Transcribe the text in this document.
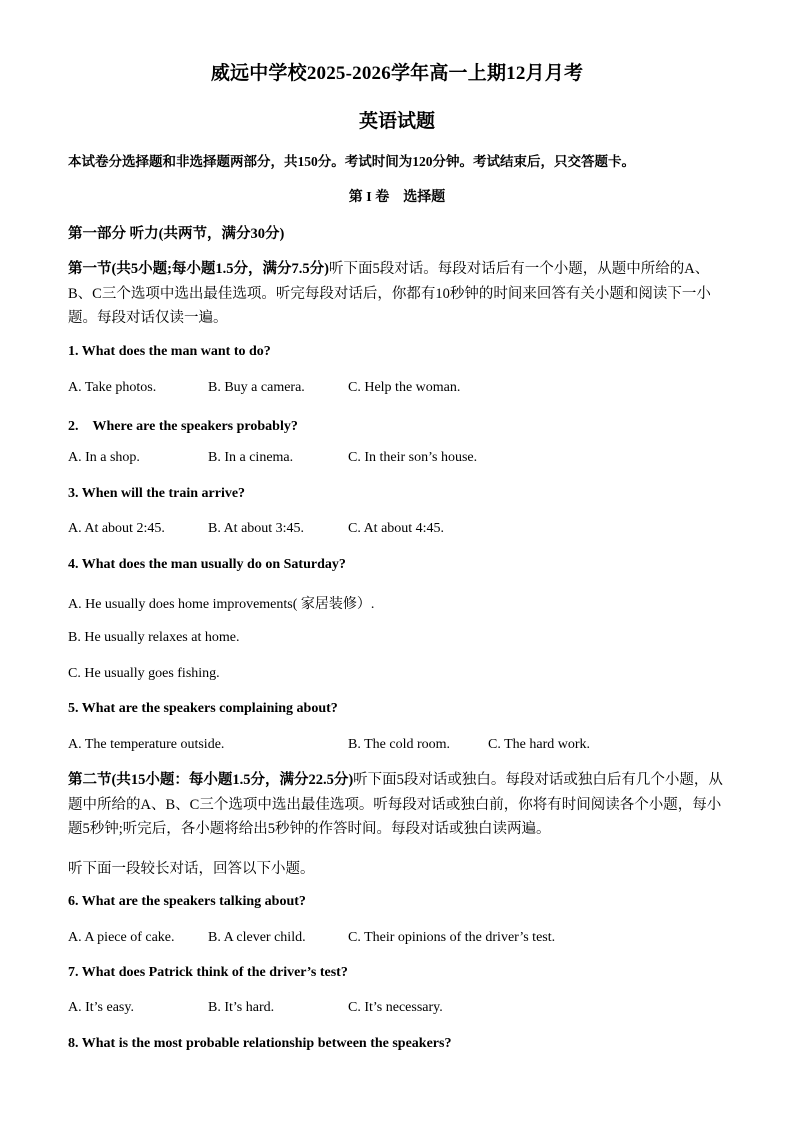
威远中学校2025-2026学年高一上期12月月考
英语试题
本试卷分选择题和非选择题两部分，共150分。考试时间为120分钟。考试结束后，只交答题卡。
第 I 卷　选择题
第一部分 听力(共两节，满分30分)
第一节(共5小题;每小题1.5分，满分7.5分)听下面5段对话。每段对话后有一个小题，从题中所给的A、B、C三个选项中选出最佳选项。听完每段对话后，你都有10秒钟的时间来回答有关小题和阅读下一小题。每段对话仅读一遍。
1. What does the man want to do?
A. Take photos.	B. Buy a camera.	C. Help the woman.
2.　Where are the speakers probably?
A. In a shop.	B. In a cinema.	C. In their son’s house.
3. When will the train arrive?
A. At about 2:45.	B. At about 3:45.	C. At about 4:45.
4. What does the man usually do on Saturday?
A. He usually does home improvements( 家居装修）.
B. He usually relaxes at home.
C. He usually goes fishing.
5. What are the speakers complaining about?
A. The temperature outside.	B. The cold room.	C. The hard work.
第二节(共15小题：每小题1.5分，满分22.5分)听下面5段对话或独白。每段对话或独白后有几个小题，从题中所给的A、B、C三个选项中选出最佳选项。听每段对话或独白前，你将有时间阅读各个小题，每小题5秒钟;听完后，各小题将给出5秒钟的作答时间。每段对话或独白读两遍。
听下面一段较长对话，回答以下小题。
6. What are the speakers talking about?
A. A piece of cake. B. A clever child.	C. Their opinions of the driver’s test.
7. What does Patrick think of the driver’s test?
A. It’s easy.	B. It’s hard.	C. It’s necessary.
8. What is the most probable relationship between the speakers?
